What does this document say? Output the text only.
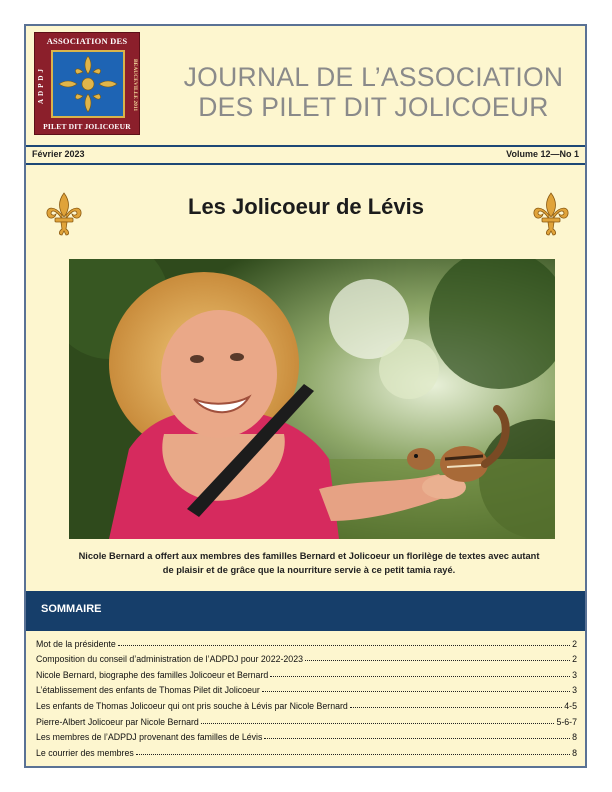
ASSOCIATION DES
ADPDJ	BEAUCEVILLE 2011
PILET DIT JOLICOEUR
JOURNAL DE L’ASSOCIATION
DES PILET DIT JOLICOEUR
Février 2023	Volume 12—No 1
Les Jolicoeur de Lévis
Nicole Bernard a offert aux membres des familles Bernard et Jolicoeur un florilège de textes avec autant de plaisir et de grâce que la nourriture servie à ce petit tamia rayé.
SOMMAIRE
Mot de la présidente	2
Composition du conseil d’administration de l’ADPDJ pour 2022-2023	2
Nicole Bernard, biographe des familles Jolicoeur et Bernard	3
L’établissement des enfants de Thomas Pilet dit Jolicoeur	3
Les enfants de Thomas Jolicoeur qui ont pris souche à Lévis par Nicole Bernard	4-5
Pierre-Albert Jolicoeur par Nicole Bernard	5-6-7
Les membres de l’ADPDJ provenant des familles de Lévis	8
Le courrier des membres	8
